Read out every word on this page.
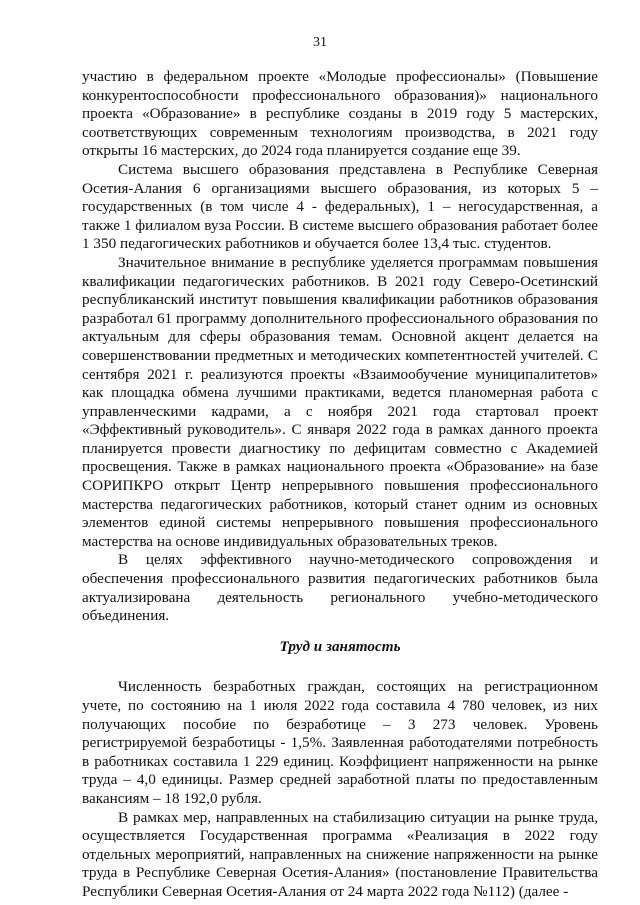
31

участию в федеральном проекте «Молодые профессионалы» (Повышение конкурентоспособности профессионального образования)» национального проекта «Образование» в республике созданы в 2019 году 5 мастерских, соответствующих современным технологиям производства, в 2021 году открыты 16 мастерских, до 2024 года планируется создание еще 39.

Система высшего образования представлена в Республике Северная Осетия-Алания 6 организациями высшего образования, из которых 5 – государственных (в том числе 4 - федеральных), 1 – негосударственная, а также 1 филиалом вуза России. В системе высшего образования работает более 1 350 педагогических работников и обучается более 13,4 тыс. студентов.

Значительное внимание в республике уделяется программам повышения квалификации педагогических работников. В 2021 году Северо-Осетинский республиканский институт повышения квалификации работников образования разработал 61 программу дополнительного профессионального образования по актуальным для сферы образования темам. Основной акцент делается на совершенствовании предметных и методических компетентностей учителей. С сентября 2021 г. реализуются проекты «Взаимообучение муниципалитетов» как площадка обмена лучшими практиками, ведется планомерная работа с управленческими кадрами, а с ноября 2021 года стартовал проект «Эффективный руководитель». С января 2022 года в рамках данного проекта планируется провести диагностику по дефицитам совместно с Академией просвещения. Также в рамках национального проекта «Образование» на базе СОРИПКРО открыт Центр непрерывного повышения профессионального мастерства педагогических работников, который станет одним из основных элементов единой системы непрерывного повышения профессионального мастерства на основе индивидуальных образовательных треков.

В целях эффективного научно-методического сопровождения и обеспечения профессионального развития педагогических работников была актуализирована деятельность регионального учебно-методического объединения.

Труд и занятость

Численность безработных граждан, состоящих на регистрационном учете, по состоянию на 1 июля 2022 года составила 4 780 человек, из них получающих пособие по безработице – 3 273 человек. Уровень регистрируемой безработицы - 1,5%. Заявленная работодателями потребность в работниках составила 1 229 единиц. Коэффициент напряженности на рынке труда – 4,0 единицы. Размер средней заработной платы по предоставленным вакансиям – 18 192,0 рубля.

В рамках мер, направленных на стабилизацию ситуации на рынке труда, осуществляется Государственная программа «Реализация в 2022 году отдельных мероприятий, направленных на снижение напряженности на рынке труда в Республике Северная Осетия-Алания» (постановление Правительства Республики Северная Осетия-Алания от 24 марта 2022 года №112) (далее -
